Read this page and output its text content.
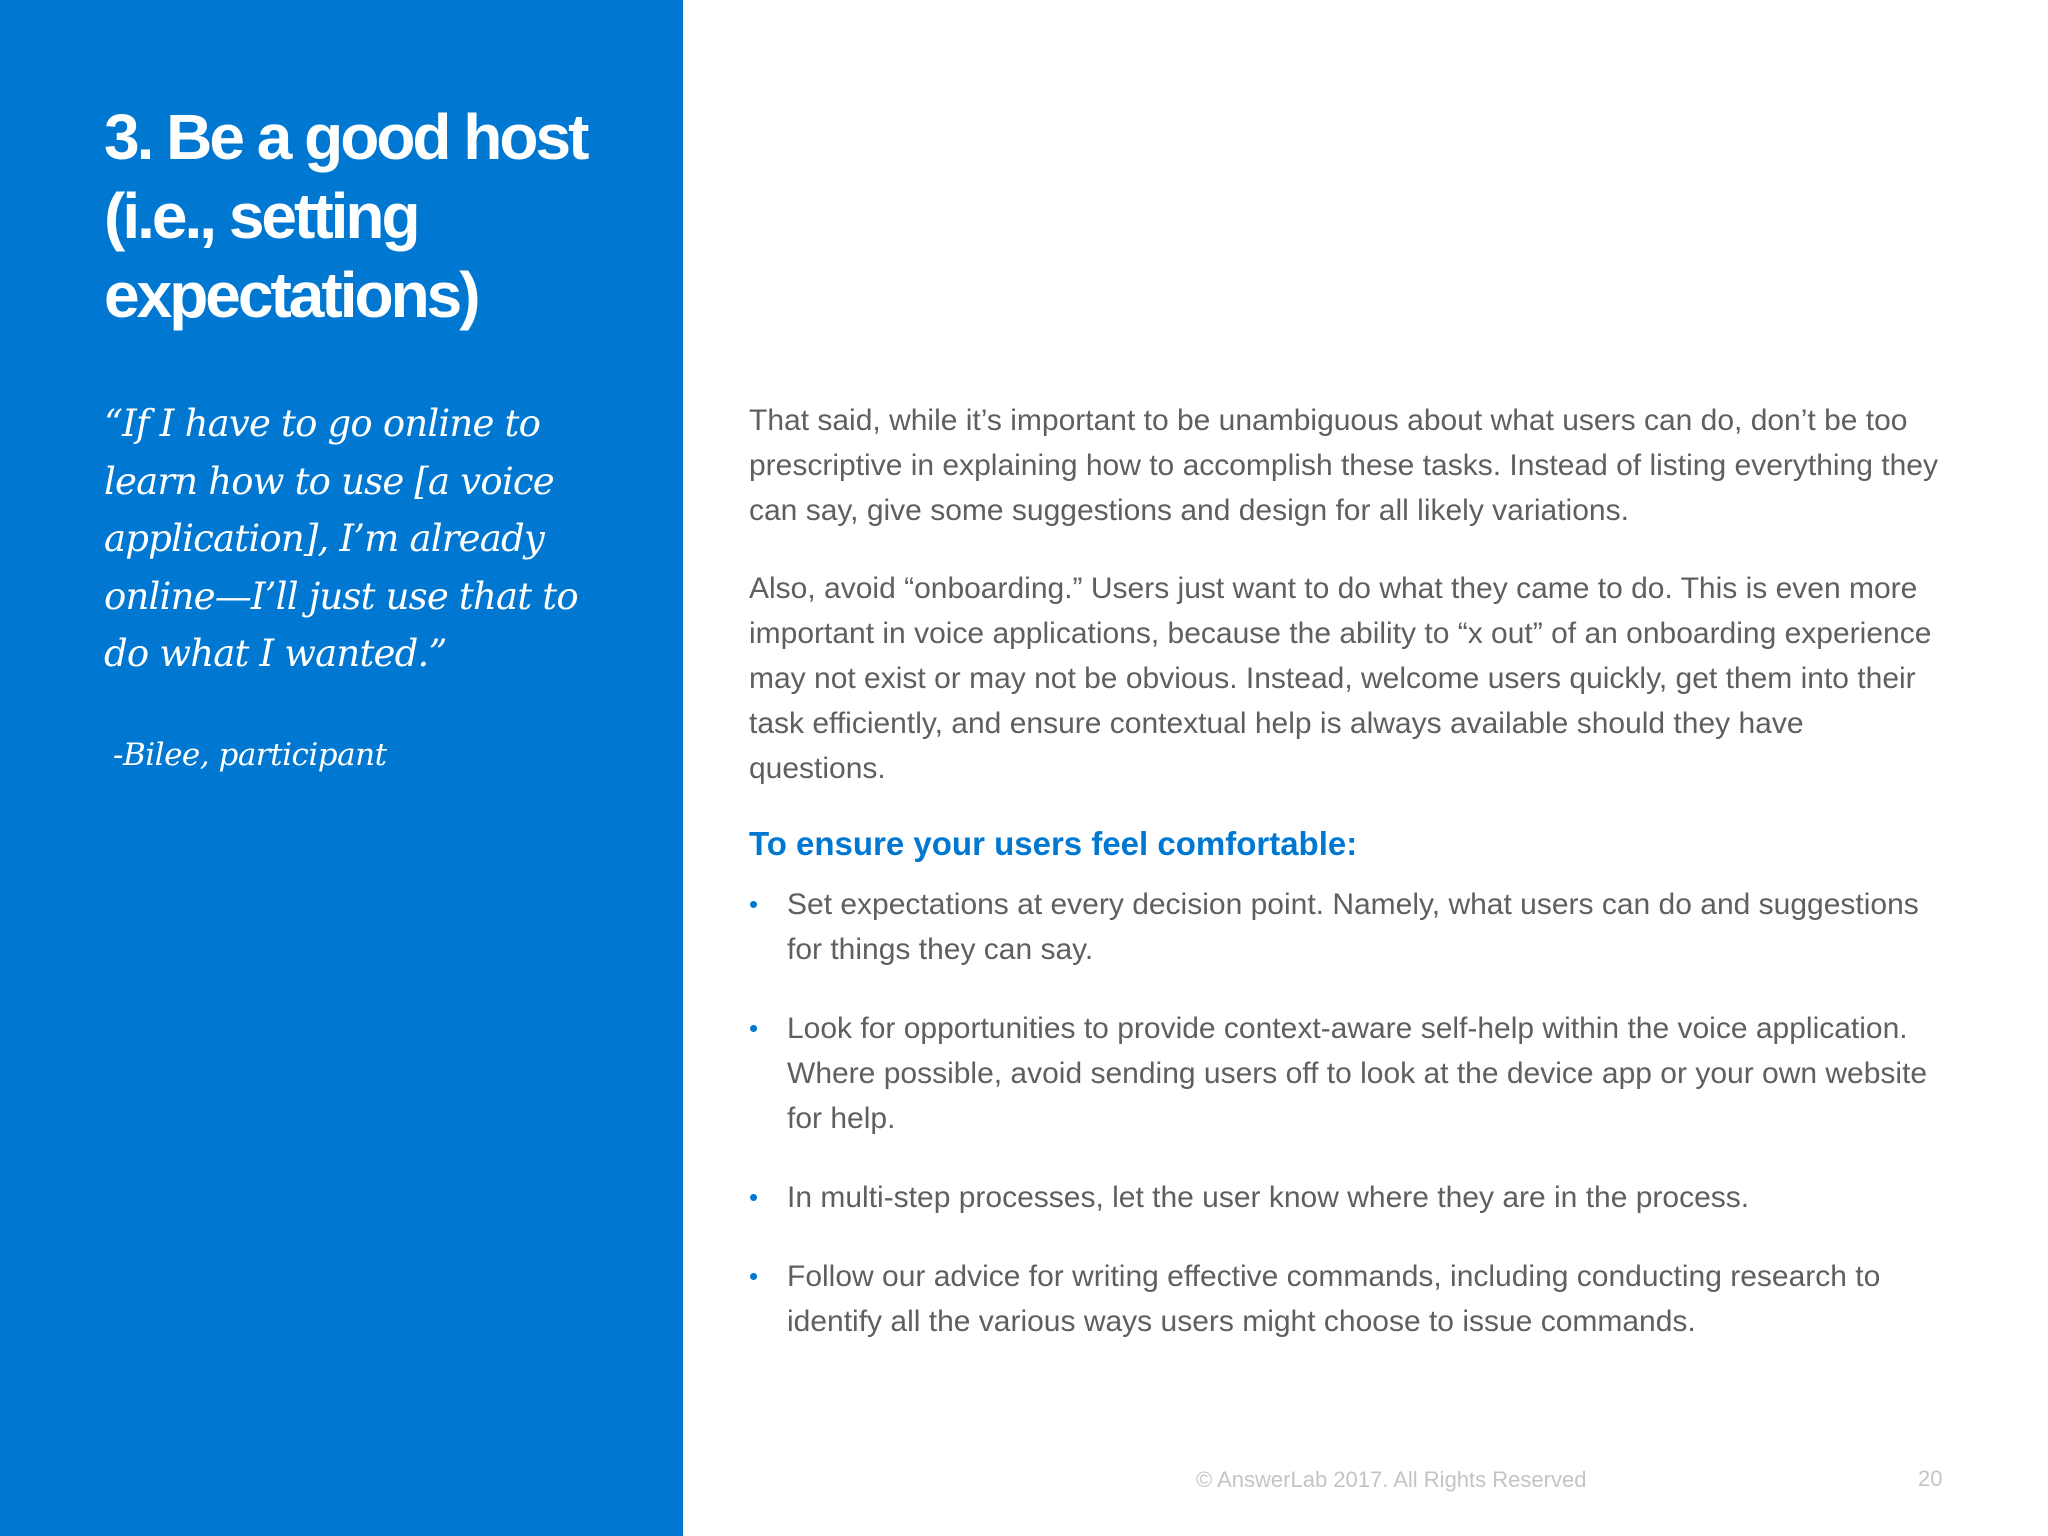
3. Be a good host
(i.e., setting
expectations)

“If I have to go online to
learn how to use [a voice
application], I’m already
online—I’ll just use that to
do what I wanted.”

-Bilee, participant

That said, while it’s important to be unambiguous about what users can do, don’t be too prescriptive in explaining how to accomplish these tasks. Instead of listing everything they can say, give some suggestions and design for all likely variations.

Also, avoid “onboarding.” Users just want to do what they came to do. This is even more important in voice applications, because the ability to “x out” of an onboarding experience may not exist or may not be obvious. Instead, welcome users quickly, get them into their task efficiently, and ensure contextual help is always available should they have questions.

To ensure your users feel comfortable:
• Set expectations at every decision point. Namely, what users can do and suggestions for things they can say.
• Look for opportunities to provide context-aware self-help within the voice application. Where possible, avoid sending users off to look at the device app or your own website for help.
• In multi-step processes, let the user know where they are in the process.
• Follow our advice for writing effective commands, including conducting research to identify all the various ways users might choose to issue commands.
© AnswerLab 2017. All Rights Reserved	20
